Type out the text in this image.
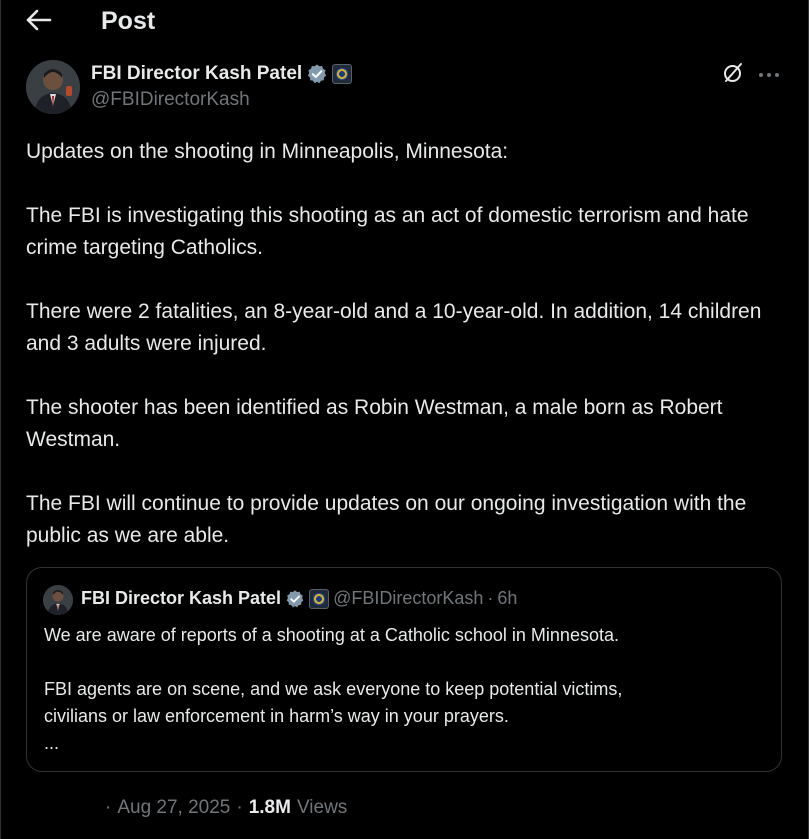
Post
FBI Director Kash Patel
@FBIDirectorKash

Updates on the shooting in Minneapolis, Minnesota:

The FBI is investigating this shooting as an act of domestic terrorism and hate crime targeting Catholics.

There were 2 fatalities, an 8-year-old and a 10-year-old. In addition, 14 children and 3 adults were injured.

The shooter has been identified as Robin Westman, a male born as Robert Westman.

The FBI will continue to provide updates on our ongoing investigation with the public as we are able.

FBI Director Kash Patel	@FBIDirectorKash · 6h

We are aware of reports of a shooting at a Catholic school in Minnesota.

FBI agents are on scene, and we ask everyone to keep potential victims,

civilians or law enforcement in harm’s way in your prayers.

...

· Aug 27, 2025 · 1.8M Views
